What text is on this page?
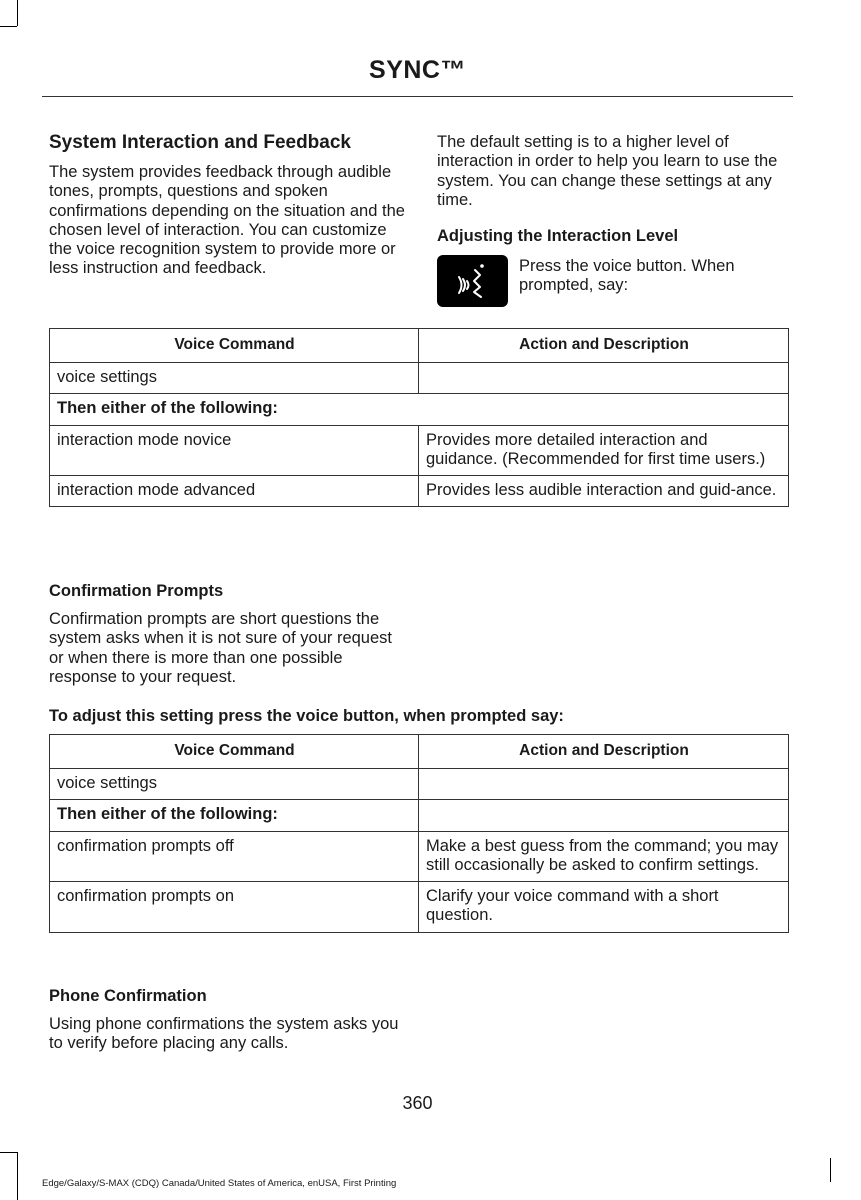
SYNC™
System Interaction and Feedback

The system provides feedback through audible tones, prompts, questions and spoken confirmations depending on the situation and the chosen level of interaction. You can customize the voice recognition system to provide more or less instruction and feedback.

The default setting is to a higher level of interaction in order to help you learn to use the system. You can change these settings at any time.

Adjusting the Interaction Level

Press the voice button. When prompted, say:

Voice Command	Action and Description
voice settings	
Then either of the following:	
interaction mode novice	Provides more detailed interaction and guidance. (Recommended for first time users.)
interaction mode advanced	Provides less audible interaction and guid-ance.
Confirmation Prompts

Confirmation prompts are short questions the system asks when it is not sure of your request or when there is more than one possible response to your request.

To adjust this setting press the voice button, when prompted say:
Voice Command	Action and Description
voice settings	
Then either of the following:	
confirmation prompts off	Make a best guess from the command; you may still occasionally be asked to confirm settings.
confirmation prompts on	Clarify your voice command with a short question.
Phone Confirmation

Using phone confirmations the system asks you to verify before placing any calls.

360
Edge/Galaxy/S-MAX (CDQ) Canada/United States of America, enUSA, First Printing
